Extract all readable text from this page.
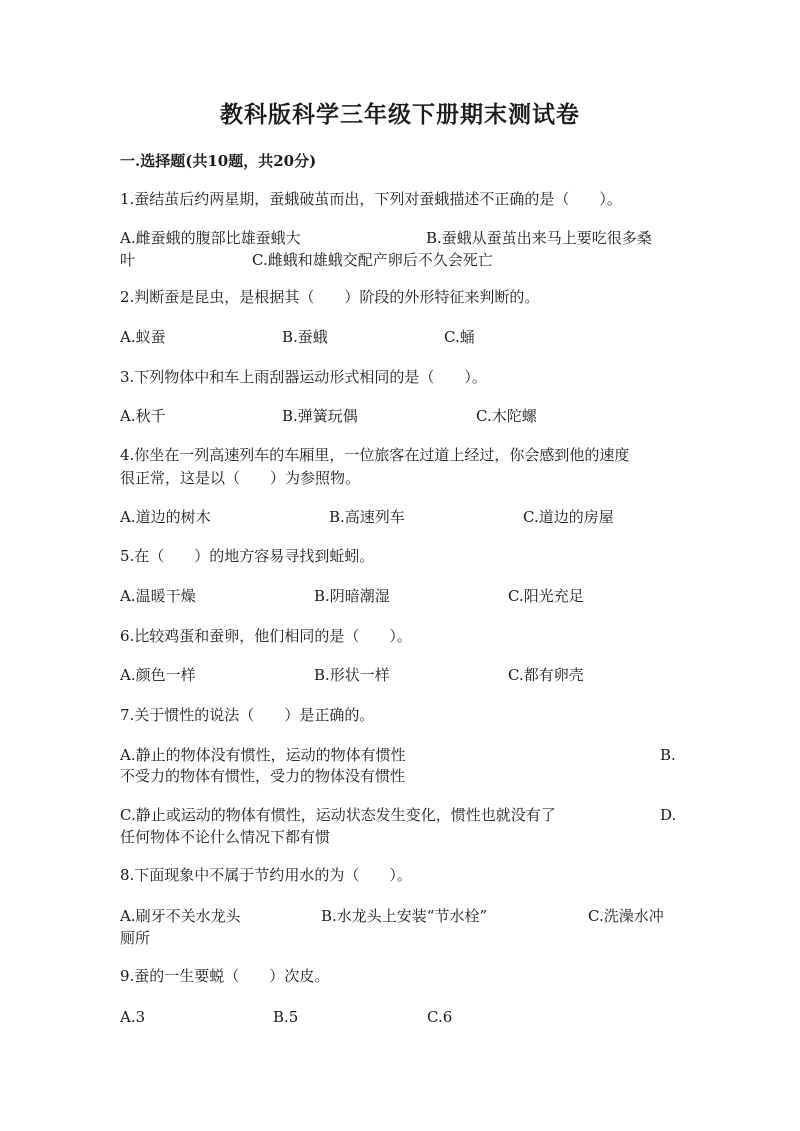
教科版科学三年级下册期末测试卷
一.选择题(共10题，共20分)
1.蚕结茧后约两星期，蚕蛾破茧而出，下列对蚕蛾描述不正确的是（　　）。
A.雌蚕蛾的腹部比雄蚕蛾大	B.蚕蛾从蚕茧出来马上要吃很多桑
叶	C.雌蛾和雄蛾交配产卵后不久会死亡
2.判断蚕是昆虫，是根据其（　　）阶段的外形特征来判断的。
A.蚁蚕	B.蚕蛾	C.蛹
3.下列物体中和车上雨刮器运动形式相同的是（　　）。
A.秋千	B.弹簧玩偶	C.木陀螺
4.你坐在一列高速列车的车厢里，一位旅客在过道上经过，你会感到他的速度
很正常，这是以（　　）为参照物。
A.道边的树木	B.高速列车	C.道边的房屋
5.在（　　）的地方容易寻找到蚯蚓。
A.温暖干燥	B.阴暗潮湿	C.阳光充足
6.比较鸡蛋和蚕卵，他们相同的是（　　）。
A.颜色一样	B.形状一样	C.都有卵壳
7.关于惯性的说法（　　）是正确的。
A.静止的物体没有惯性，运动的物体有惯性	B.
不受力的物体有惯性，受力的物体没有惯性
C.静止或运动的物体有惯性，运动状态发生变化，惯性也就没有了	D.
任何物体不论什么情况下都有惯
8.下面现象中不属于节约用水的为（　　）。
A.刷牙不关水龙头	B.水龙头上安装“节水栓”	C.洗澡水冲
厕所
9.蚕的一生要蜕（　　）次皮。
A.3	B.5	C.6
